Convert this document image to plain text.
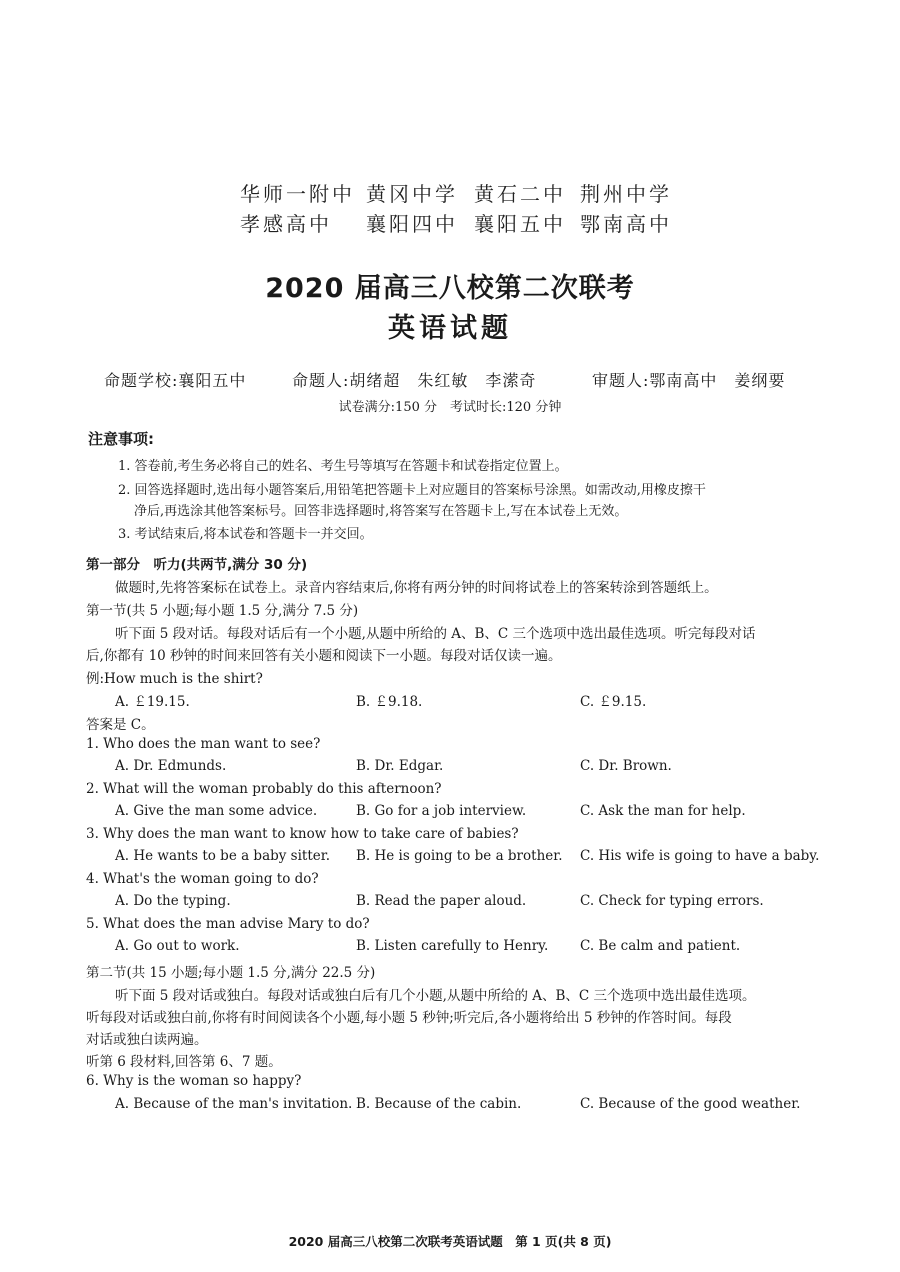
华师一附中 黄冈中学 黄石二中 荆州中学
孝感高中 襄阳四中 襄阳五中 鄂南高中
2020 届高三八校第二次联考
英语试题
命题学校:襄阳五中	命题人:胡绪超　朱红敏　李潆奇	审题人:鄂南高中　姜纲要
试卷满分:150 分　考试时长:120 分钟
注意事项:
1. 答卷前,考生务必将自己的姓名、考生号等填写在答题卡和试卷指定位置上。
2. 回答选择题时,选出每小题答案后,用铅笔把答题卡上对应题目的答案标号涂黑。如需改动,用橡皮擦干
净后,再选涂其他答案标号。回答非选择题时,将答案写在答题卡上,写在本试卷上无效。
3. 考试结束后,将本试卷和答题卡一并交回。
第一部分　听力(共两节,满分 30 分)
做题时,先将答案标在试卷上。录音内容结束后,你将有两分钟的时间将试卷上的答案转涂到答题纸上。
第一节(共 5 小题;每小题 1.5 分,满分 7.5 分)
听下面 5 段对话。每段对话后有一个小题,从题中所给的 A、B、C 三个选项中选出最佳选项。听完每段对话
后,你都有 10 秒钟的时间来回答有关小题和阅读下一小题。每段对话仅读一遍。
例:How much is the shirt?
A. ￡19.15.	B. ￡9.18.	C. ￡9.15.
答案是 C。
1. Who does the man want to see?
A. Dr. Edmunds.	B. Dr. Edgar.	C. Dr. Brown.
2. What will the woman probably do this afternoon?
A. Give the man some advice.	B. Go for a job interview.	C. Ask the man for help.
3. Why does the man want to know how to take care of babies?
A. He wants to be a baby sitter. B. He is going to be a brother. C. His wife is going to have a baby.
4. What's the woman going to do?
A. Do the typing.	B. Read the paper aloud.	C. Check for typing errors.
5. What does the man advise Mary to do?
A. Go out to work.	B. Listen carefully to Henry. C. Be calm and patient.
第二节(共 15 小题;每小题 1.5 分,满分 22.5 分)
听下面 5 段对话或独白。每段对话或独白后有几个小题,从题中所给的 A、B、C 三个选项中选出最佳选项。
听每段对话或独白前,你将有时间阅读各个小题,每小题 5 秒钟;听完后,各小题将给出 5 秒钟的作答时间。每段
对话或独白读两遍。
听第 6 段材料,回答第 6、7 题。
6. Why is the woman so happy?
A. Because of the man's invitation. B. Because of the cabin.	C. Because of the good weather.
2020 届高三八校第二次联考英语试题　第 1 页(共 8 页)
